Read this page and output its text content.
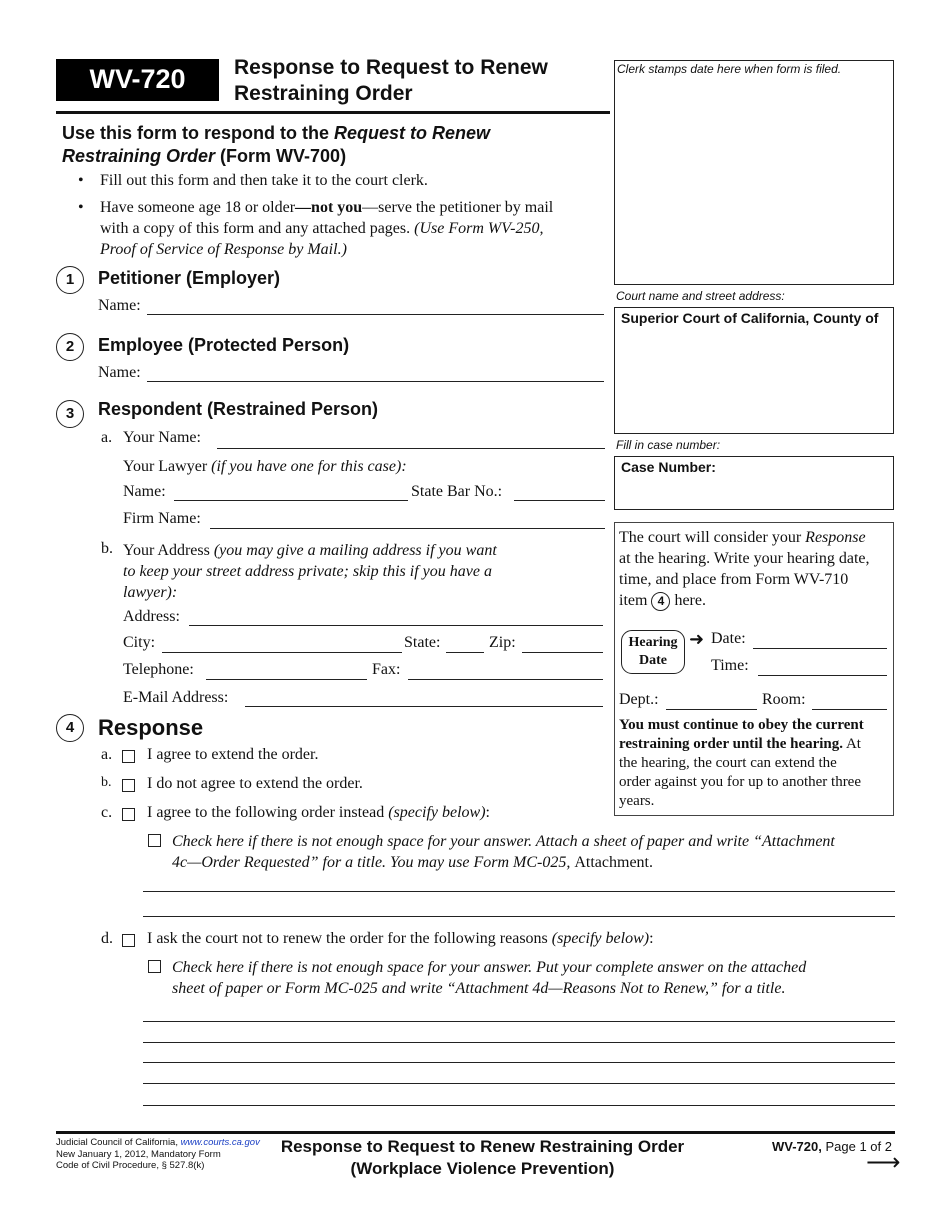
WV-720	Response to Request to Renew
Restraining Order
Use this form to respond to the Request to Renew
Restraining Order (Form WV-700)
• Fill out this form and then take it to the court clerk.
• Have someone age 18 or older—not you—serve the petitioner by mail
with a copy of this form and any attached pages. (Use Form WV-250,
Proof of Service of Response by Mail.)
1	Petitioner (Employer)
Name:
2	Employee (Protected Person)
Name:
3	Respondent (Restrained Person)
a. Your Name:
Your Lawyer (if you have one for this case):
Name:	State Bar No.:
Firm Name:
b. Your Address (you may give a mailing address if you want
to keep your street address private; skip this if you have a
lawyer):
Address:
City:	State:	Zip:
Telephone:	Fax:
E-Mail Address:
4	Response
a. I agree to extend the order.
b. I do not agree to extend the order.
c. I agree to the following order instead (specify below):
Check here if there is not enough space for your answer. Attach a sheet of paper and write “Attachment
4c—Order Requested” for a title. You may use Form MC-025, Attachment.
d. I ask the court not to renew the order for the following reasons (specify below):
Check here if there is not enough space for your answer. Put your complete answer on the attached
sheet of paper or Form MC-025 and write “Attachment 4d—Reasons Not to Renew,” for a title.
Clerk stamps date here when form is filed.
Court name and street address:
Superior Court of California, County of
Fill in case number:
Case Number:
The court will consider your Response
at the hearing. Write your hearing date,
time, and place from Form WV-710
item 4 here.
Hearing
Date
➜ Date:
Time:
Dept.:	Room:
You must continue to obey the current
restraining order until the hearing. At
the hearing, the court can extend the
order against you for up to another three
years.
Judicial Council of California, www.courts.ca.gov
New January 1, 2012, Mandatory Form
Code of Civil Procedure, § 527.8(k)
Response to Request to Renew Restraining Order
(Workplace Violence Prevention)
WV-720, Page 1 of 2
⟶
